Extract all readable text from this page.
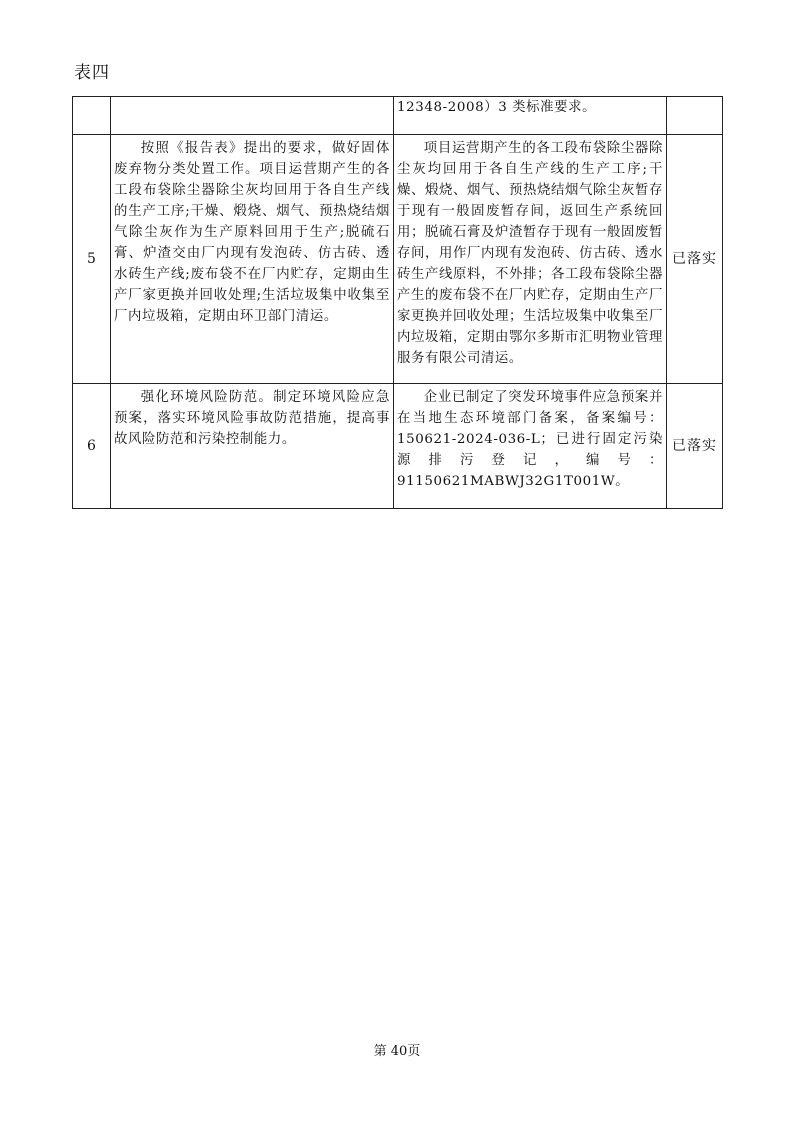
表四

		12348-2008）3 类标准要求。	

5	按照《报告表》提出的要求，做好固体废弃物分类处置工作。项目运营期产生的各工段布袋除尘器除尘灰均回用于各自生产线的生产工序;干燥、煅烧、烟气、预热烧结烟气除尘灰作为生产原料回用于生产;脱硫石膏、炉渣交由厂内现有发泡砖、仿古砖、透水砖生产线;废布袋不在厂内贮存，定期由生产厂家更换并回收处理;生活垃圾集中收集至厂内垃圾箱，定期由环卫部门清运。	项目运营期产生的各工段布袋除尘器除尘灰均回用于各自生产线的生产工序;干燥、煅烧、烟气、预热烧结烟气除尘灰暂存于现有一般固废暂存间，返回生产系统回用；脱硫石膏及炉渣暂存于现有一般固废暂存间，用作厂内现有发泡砖、仿古砖、透水砖生产线原料，不外排；各工段布袋除尘器产生的废布袋不在厂内贮存，定期由生产厂家更换并回收处理；生活垃圾集中收集至厂内垃圾箱，定期由鄂尔多斯市汇明物业管理服务有限公司清运。	已落实
6	强化环境风险防范。制定环境风险应急预案，落实环境风险事故防范措施，提高事故风险防范和污染控制能力。	企业已制定了突发环境事件应急预案并在当地生态环境部门备案，备案编号：150621-2024-036-L；已进行固定污染源排污登记，编号：91150621MABWJ32G1T001W。	已落实
第 40页
